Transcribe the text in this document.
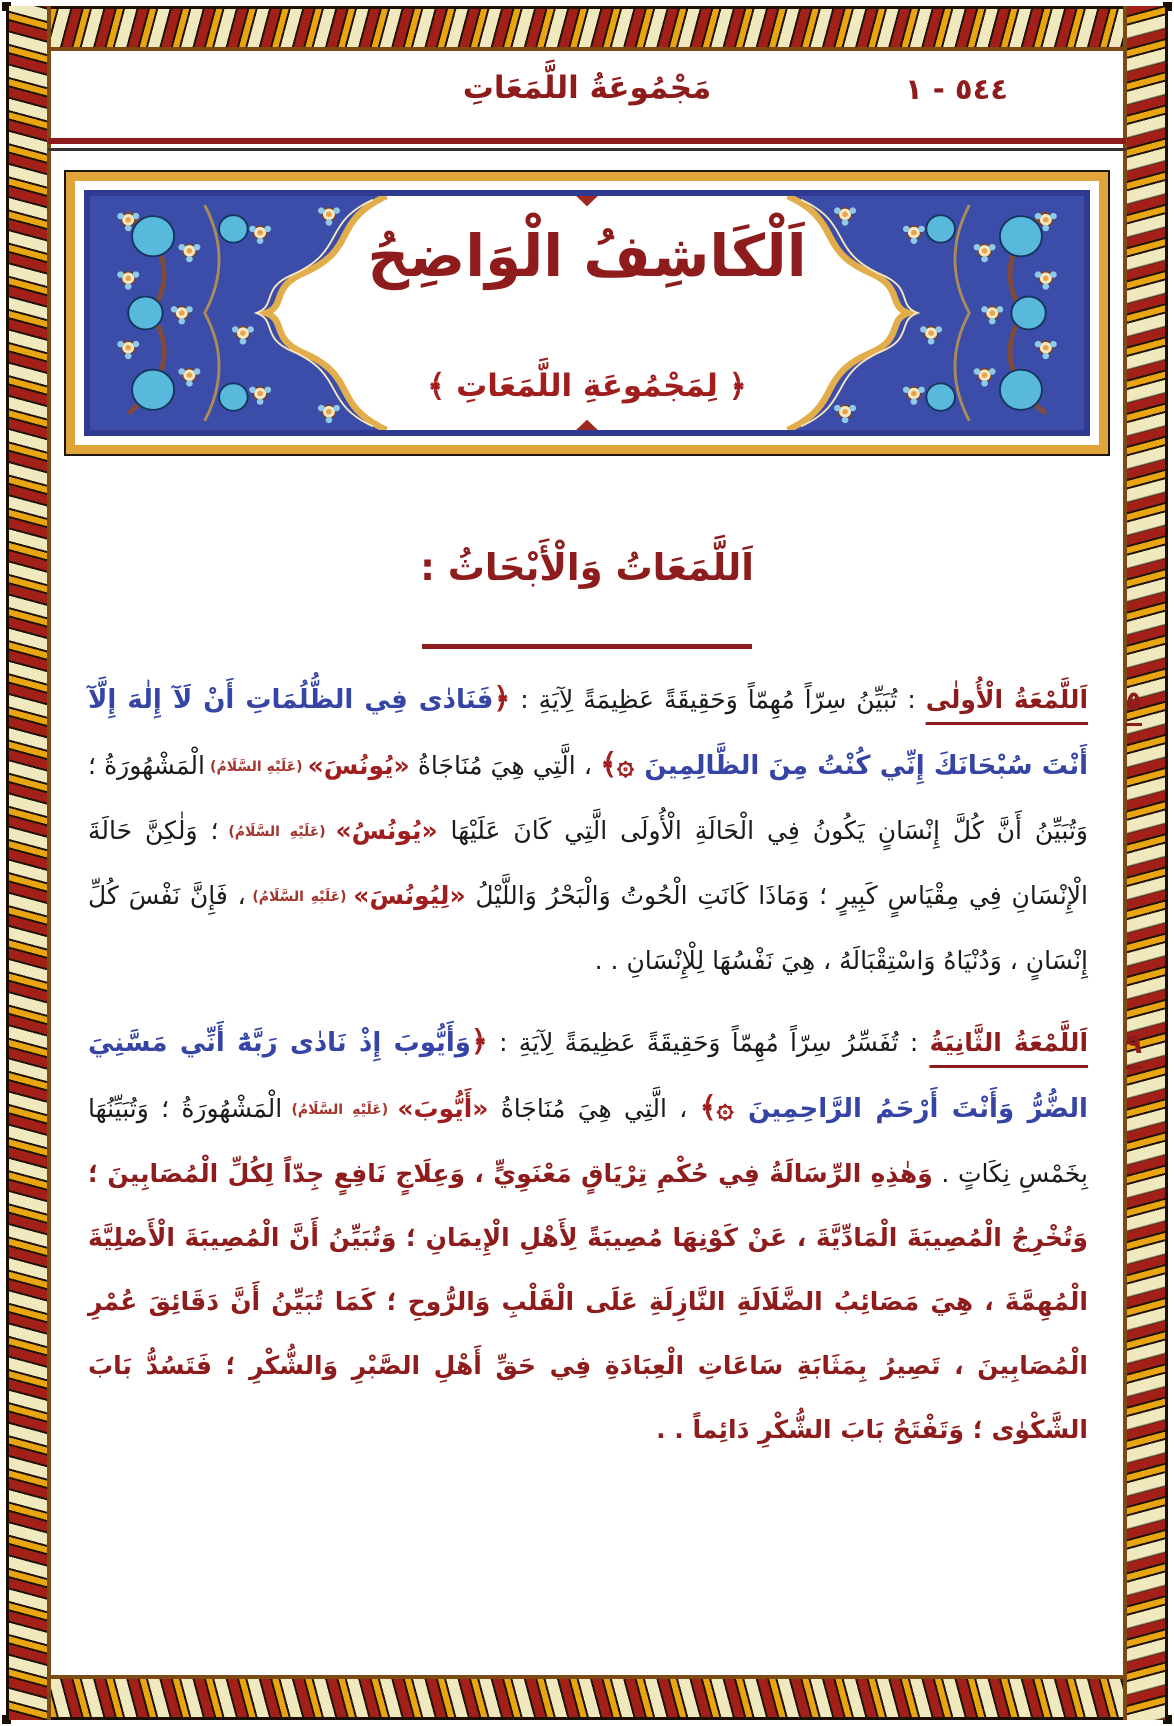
٥٤٤ - ١
مَجْمُوعَةُ اللَّمَعَاتِ
اَلْكَاشِفُ الْوَاضِحُ
﴿ لِمَجْمُوعَةِ اللَّمَعَاتِ ﴾
اَللَّمَعَاتُ وَالْأَبْحَاثُ :

٥
اَللَّمْعَةُ الْأُولٰى : تُبَيِّنُ سِرّاً مُهِمّاً وَحَقِيقَةً عَظِيمَةً لِآيَةِ : ﴿فَنَادٰى فِي الظُّلُمَاتِ أَنْ لَآ إِلٰهَ إِلَّآ أَنْتَ سُبْحَانَكَ إِنِّي كُنْتُ مِنَ الظَّالِمِينَ ۞﴾ ، الَّتِي هِيَ مُنَاجَاةُ «يُونُسَ» (عَلَيْهِ السَّلَامُ) الْمَشْهُورَةُ ؛ وَتُبَيِّنُ أَنَّ كُلَّ إِنْسَانٍ يَكُونُ فِي الْحَالَةِ الْأُولَى الَّتِي كَانَ عَلَيْهَا «يُونُسُ» (عَلَيْهِ السَّلَامُ) ؛ وَلٰكِنَّ حَالَةَ الْإِنْسَانِ فِي مِقْيَاسٍ كَبِيرٍ ؛ وَمَاذَا كَانَتِ الْحُوتُ وَالْبَحْرُ وَاللَّيْلُ «لِيُونُسَ» (عَلَيْهِ السَّلَامُ) ، فَإِنَّ نَفْسَ كُلِّ إِنْسَانٍ ، وَدُنْيَاهُ وَاسْتِقْبَالَهُ ، هِيَ نَفْسُهَا لِلْإِنْسَانِ . .

٩
اَللَّمْعَةُ الثَّانِيَةُ : تُفَسِّرُ سِرّاً مُهِمّاً وَحَقِيقَةً عَظِيمَةً لِآيَةِ : ﴿وَأَيُّوبَ إِذْ نَادٰى رَبَّهُٓ أَنِّي مَسَّنِيَ الضُّرُّ وَأَنْتَ أَرْحَمُ الرَّاحِمِينَ ۞﴾ ، الَّتِي هِيَ مُنَاجَاةُ «أَيُّوبَ» (عَلَيْهِ السَّلَامُ) الْمَشْهُورَةُ ؛ وَتُبَيِّنُهَا بِخَمْسِ نِكَاتٍ . وَهٰذِهِ الرِّسَالَةُ فِي حُكْمِ تِرْيَاقٍ مَعْنَوِيٍّ ، وَعِلَاجٍ نَافِعٍ جِدّاً لِكُلِّ الْمُصَابِينَ ؛ وَتُخْرِجُ الْمُصِيبَةَ الْمَادِّيَّةَ ، عَنْ كَوْنِهَا مُصِيبَةً لِأَهْلِ الْإِيمَانِ ؛ وَتُبَيِّنُ أَنَّ الْمُصِيبَةَ الْأَصْلِيَّةَ الْمُهِمَّةَ ، هِيَ مَصَائِبُ الضَّلَالَةِ النَّازِلَةِ عَلَى الْقَلْبِ وَالرُّوحِ ؛ كَمَا تُبَيِّنُ أَنَّ دَقَائِقَ عُمْرِ الْمُصَابِينَ ، تَصِيرُ بِمَثَابَةِ سَاعَاتِ الْعِبَادَةِ فِي حَقِّ أَهْلِ الصَّبْرِ وَالشُّكْرِ ؛ فَتَسُدُّ بَابَ الشَّكْوٰى ؛ وَتَفْتَحُ بَابَ الشُّكْرِ دَائِماً . .
